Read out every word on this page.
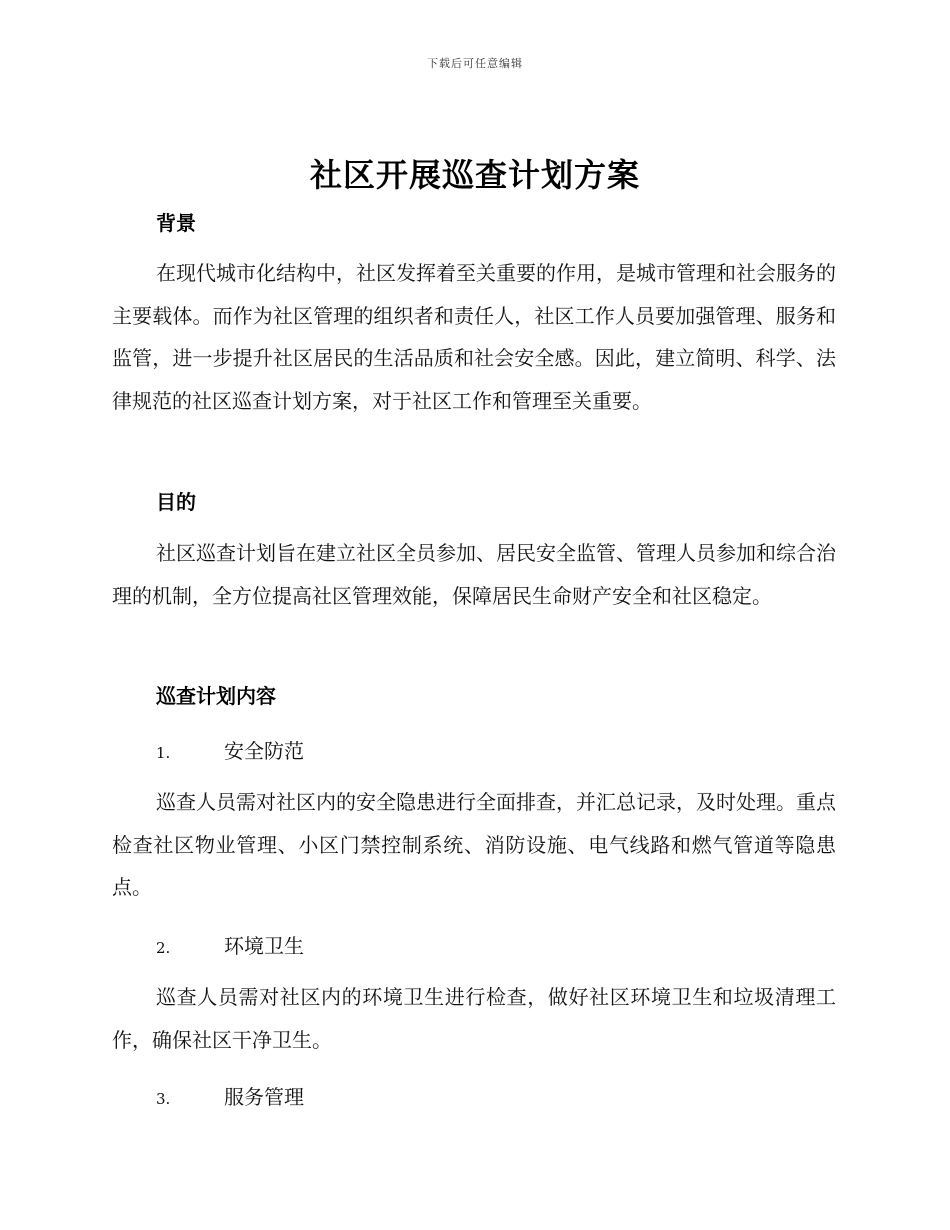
下载后可任意编辑
社区开展巡查计划方案
背景

在现代城市化结构中，社区发挥着至关重要的作用，是城市管理和社会服务的主要载体。而作为社区管理的组织者和责任人，社区工作人员要加强管理、服务和监管，进一步提升社区居民的生活品质和社会安全感。因此，建立简明、科学、法律规范的社区巡查计划方案，对于社区工作和管理至关重要。

目的

社区巡查计划旨在建立社区全员参加、居民安全监管、管理人员参加和综合治理的机制，全方位提高社区管理效能，保障居民生命财产安全和社区稳定。

巡查计划内容
1.	安全防范

巡查人员需对社区内的安全隐患进行全面排查，并汇总记录，及时处理。重点检查社区物业管理、小区门禁控制系统、消防设施、电气线路和燃气管道等隐患点。

2.	环境卫生

巡查人员需对社区内的环境卫生进行检查，做好社区环境卫生和垃圾清理工作，确保社区干净卫生。

3.	服务管理
